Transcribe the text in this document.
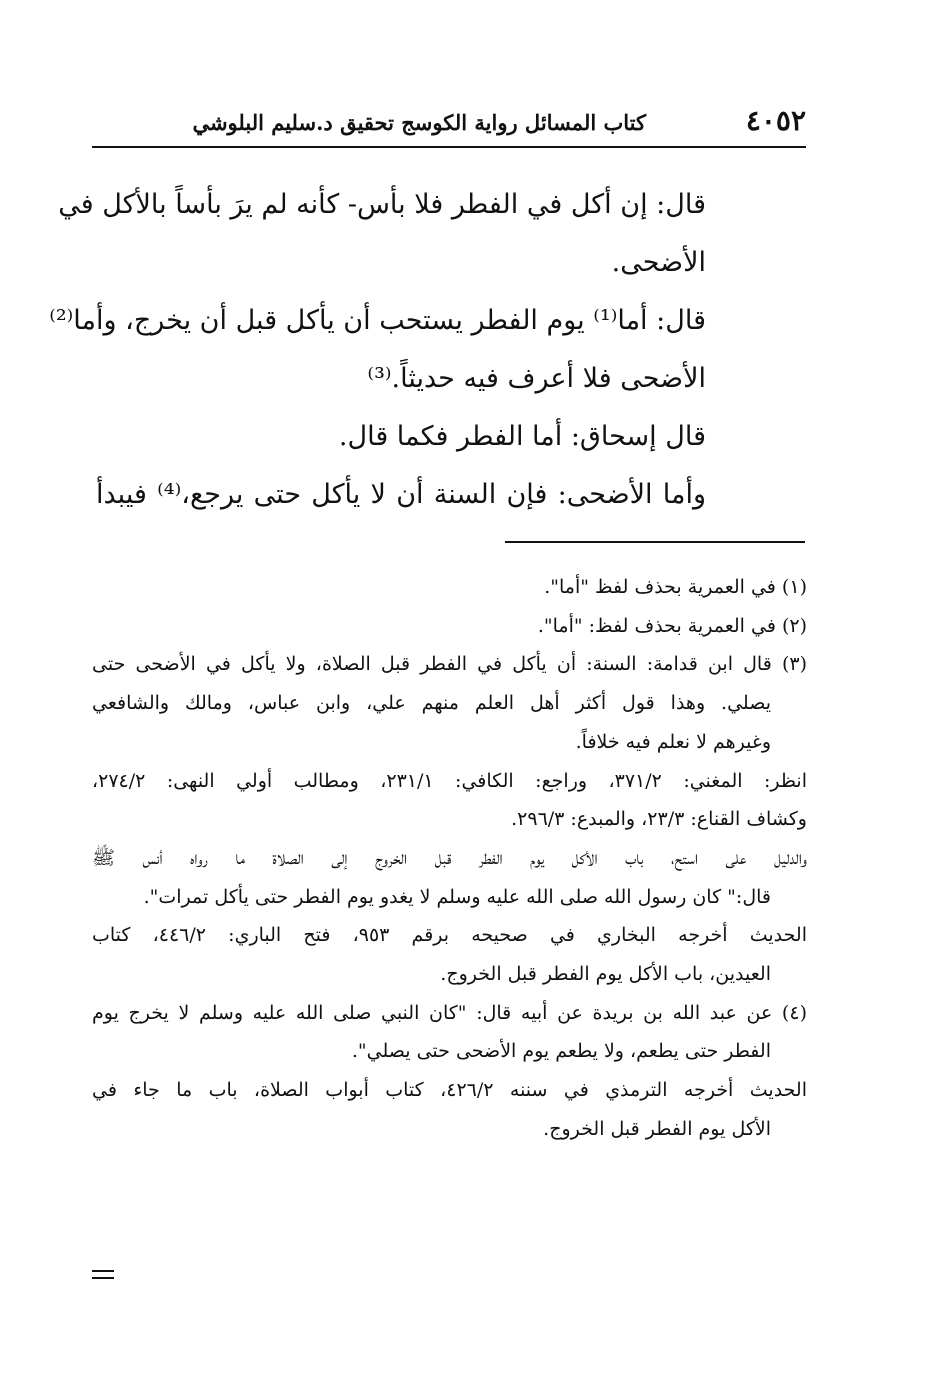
٤٠٥٢
كتاب المسائل رواية الكوسج تحقيق د.سليم البلوشي
قال: إن أكل في الفطر فلا بأس- كأنه لم يرَ بأساً بالأكل في
الأضحى.
قال: أما⁽¹⁾ يوم الفطر يستحب أن يأكل قبل أن يخرج، وأما⁽²⁾
الأضحى فلا أعرف فيه حديثاً.⁽³⁾
قال إسحاق: أما الفطر فكما قال.
وأما الأضحى: فإن السنة أن لا يأكل حتى يرجع،⁽⁴⁾ فيبدأ
(١) في العمرية بحذف لفظ "أما".
(٢) في العمرية بحذف لفظ: "أما".
(٣) قال ابن قدامة: السنة: أن يأكل في الفطر قبل الصلاة، ولا يأكل في الأضحى حتى
يصلي. وهذا قول أكثر أهل العلم منهم علي، وابن عباس، ومالك والشافعي
وغيرهم لا نعلم فيه خلافاً.
انظر: المغني: ٣٧١/٢، وراجع: الكافي: ٢٣١/١، ومطالب أولي النهى: ٢٧٤/٢،
وكشاف القناع: ٢٣/٣، والمبدع: ٢٩٦/٣.
والدليل على استح، باب الأكل يوم الفطر قبل الخروج إلى الصلاة ما رواه أنس ﷺ
قال:" كان رسول الله صلى الله عليه وسلم لا يغدو يوم الفطر حتى يأكل تمرات".
الحديث أخرجه البخاري في صحيحه برقم ٩٥٣، فتح الباري: ٤٤٦/٢، كتاب
العيدين، باب الأكل يوم الفطر قبل الخروج.
(٤) عن عبد الله بن بريدة عن أبيه قال: "كان النبي صلى الله عليه وسلم لا يخرج يوم
الفطر حتى يطعم، ولا يطعم يوم الأضحى حتى يصلي".
الحديث أخرجه الترمذي في سننه ٤٢٦/٢، كتاب أبواب الصلاة، باب ما جاء في
الأكل يوم الفطر قبل الخروج.
